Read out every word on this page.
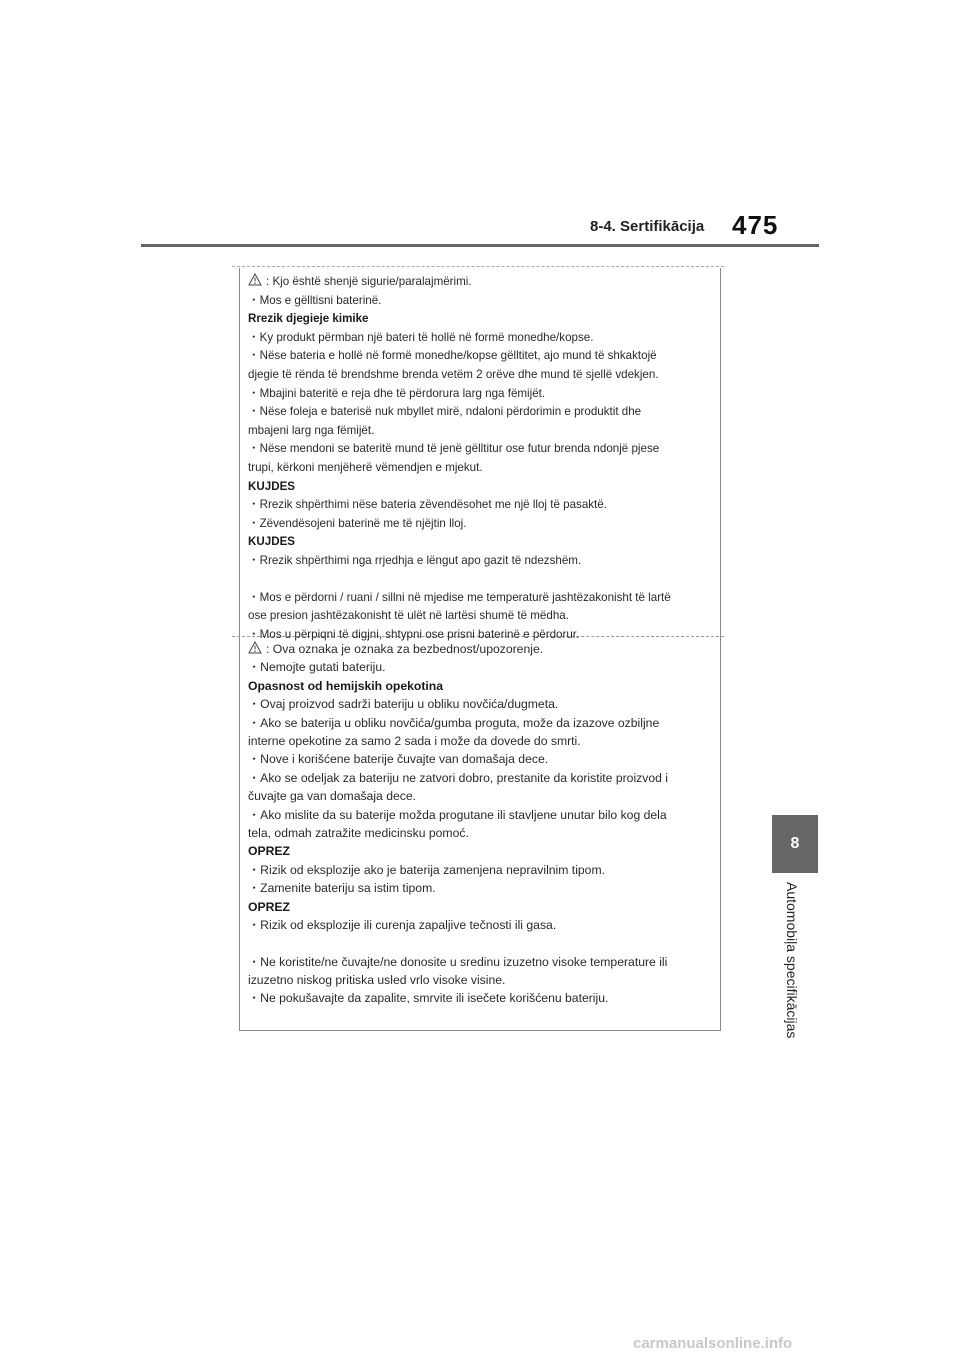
8-4. Sertifikācija 475
8
Automobiļa specifikācijas
: Kjo është shenjë sigurie/paralajmërimi.
・Mos e gëlltisni baterinë.
Rrezik djegieje kimike
・Ky produkt përmban një bateri të hollë në formë monedhe/kopse.
・Nëse bateria e hollë në formë monedhe/kopse gëlltitet, ajo mund të shkaktojë
djegie të rënda të brendshme brenda vetëm 2 orëve dhe mund të sjellë vdekjen.
・Mbajini bateritë e reja dhe të përdorura larg nga fëmijët.
・Nëse foleja e baterisë nuk mbyllet mirë, ndaloni përdorimin e produktit dhe
mbajeni larg nga fëmijët.
・Nëse mendoni se bateritë mund të jenë gëlltitur ose futur brenda ndonjë pjese
trupi, kërkoni menjëherë vëmendjen e mjekut.
KUJDES
・Rrezik shpërthimi nëse bateria zëvendësohet me një lloj të pasaktë.
・Zëvendësojeni baterinë me të njëjtin lloj.
KUJDES
・Rrezik shpërthimi nga rrjedhja e lëngut apo gazit të ndezshëm.
・Mos e përdorni / ruani / sillni në mjedise me temperaturë jashtëzakonisht të lartë
ose presion jashtëzakonisht të ulët në lartësi shumë të mëdha.
・Mos u përpiqni të digjni, shtypni ose prisni baterinë e përdorur.
: Ova oznaka je oznaka za bezbednost/upozorenje.
・Nemojte gutati bateriju.
Opasnost od hemijskih opekotina
・Ovaj proizvod sadrži bateriju u obliku novčića/dugmeta.
・Ako se baterija u obliku novčića/gumba proguta, može da izazove ozbiljne
interne opekotine za samo 2 sada i može da dovede do smrti.
・Nove i korišćene baterije čuvajte van domašaja dece.
・Ako se odeljak za bateriju ne zatvori dobro, prestanite da koristite proizvod i
čuvajte ga van domašaja dece.
・Ako mislite da su baterije možda progutane ili stavljene unutar bilo kog dela
tela, odmah zatražite medicinsku pomoć.
OPREZ
・Rizik od eksplozije ako je baterija zamenjena nepravilnim tipom.
・Zamenite bateriju sa istim tipom.
OPREZ
・Rizik od eksplozije ili curenja zapaljive tečnosti ili gasa.
・Ne koristite/ne čuvajte/ne donosite u sredinu izuzetno visoke temperature ili
izuzetno niskog pritiska usled vrlo visoke visine.
・Ne pokušavajte da zapalite, smrvite ili isečete korišćenu bateriju.
carmanualsonline.info
